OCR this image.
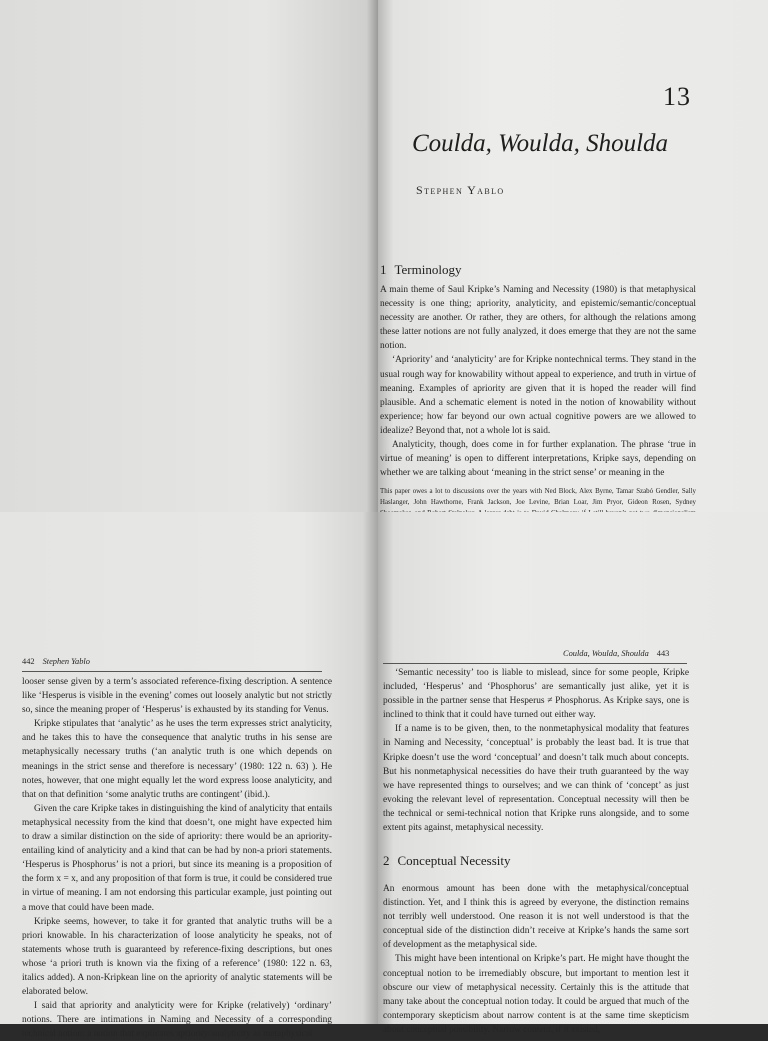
13
Coulda, Woulda, Shoulda
Stephen Yablo
1 Terminology

A main theme of Saul Kripke’s Naming and Necessity (1980) is that metaphysical necessity is one thing; apriority, analyticity, and epistemic/semantic/conceptual necessity are another. Or rather, they are others, for although the relations among these latter notions are not fully analyzed, it does emerge that they are not the same notion.

‘Apriority’ and ‘analyticity’ are for Kripke nontechnical terms. They stand in the usual rough way for knowability without appeal to experience, and truth in virtue of meaning. Examples of apriority are given that it is hoped the reader will find plausible. And a schematic element is noted in the notion of knowability without experience; how far beyond our own actual cognitive powers are we allowed to idealize? Beyond that, not a whole lot is said.

Analyticity, though, does come in for further explanation. The phrase ‘true in virtue of meaning’ is open to different interpretations, Kripke says, depending on whether we are talking about ‘meaning in the strict sense’ or meaning in the

This paper owes a lot to discussions over the years with Ned Block, Alex Byrne, Tamar Szabó Gendler, Sally Haslanger, John Hawthorne, Frank Jackson, Joe Levine, Brian Loar, Jim Pryor, Gideon Rosen, Sydney
442 Stephen Yablo

looser sense given by a term’s associated reference-fixing description. A sentence like ‘Hesperus is visible in the evening’ comes out loosely analytic but not strictly so, since the meaning proper of ‘Hesperus’ is exhausted by its standing for Venus.

Kripke stipulates that ‘analytic’ as he uses the term expresses strict analyticity, and he takes this to have the consequence that analytic truths in his sense are metaphysically necessary truths (‘an analytic truth is one which depends on meanings in the strict sense and therefore is necessary’ (1980: 122 n. 63) ). He notes, however, that one might equally let the word express loose analyticity, and that on that definition ‘some analytic truths are contingent’ (ibid.).

Given the care Kripke takes in distinguishing the kind of analyticity that entails metaphysical necessity from the kind that doesn’t, one might have expected him to draw a similar distinction on the side of apriority: there would be an apriority-entailing kind of analyticity and a kind that can be had by non-a priori statements. ‘Hesperus is Phosphorus’ is not a priori, but since its meaning is a proposition of the form x = x, and any proposition of that form is true, it could be considered true in virtue of meaning. I am not endorsing this particular example, just pointing out a move that could have been made.

Kripke seems, however, to take it for granted that analytic truths will be a priori knowable. In his characterization of loose analyticity he speaks, not of statements whose truth is guaranteed by reference-fixing descriptions, but ones whose ‘a priori truth is known via the fixing of a reference’ (1980: 122 n. 63, italics added). A non-Kripkean line on the apriority of analytic statements will be elaborated below.

I said that apriority and analyticity were for Kripke (relatively) ‘ordinary’ notions. There are intimations in Naming and Necessity of a corresponding technical notion: a notion that explicates apriority/analyticity as metaphysical

Coulda, Woulda, Shoulda 443

‘Semantic necessity’ too is liable to mislead, since for some people, Kripke included, ‘Hesperus’ and ‘Phosphorus’ are semantically just alike, yet it is possible in the partner sense that Hesperus ≠ Phosphorus. As Kripke says, one is inclined to think that it could have turned out either way.

If a name is to be given, then, to the nonmetaphysical modality that features in Naming and Necessity, ‘conceptual’ is probably the least bad. It is true that Kripke doesn’t use the word ‘conceptual’ and doesn’t talk much about concepts. But his nonmetaphysical necessities do have their truth guaranteed by the way we have represented things to ourselves; and we can think of ‘concept’ as just evoking the relevant level of representation. Conceptual necessity will then be the technical or semi-technical notion that Kripke runs alongside, and to some extent pits against, metaphysical necessity.

2 Conceptual Necessity

An enormous amount has been done with the metaphysical/conceptual distinction. Yet, and I think this is agreed by everyone, the distinction remains not terribly well understood. One reason it is not well understood is that the conceptual side of the distinction didn’t receive at Kripke’s hands the same sort of development as the metaphysical side.

This might have been intentional on Kripke’s part. He might have thought the conceptual notion to be irremediably obscure, but important to mention lest it obscure our view of metaphysical necessity. Certainly this is the attitude that many take about the conceptual notion today. It could be argued that much of the contemporary skepticism about narrow content is at the same time skepticism about conceptual possibility. Narrow content, if it existed,
